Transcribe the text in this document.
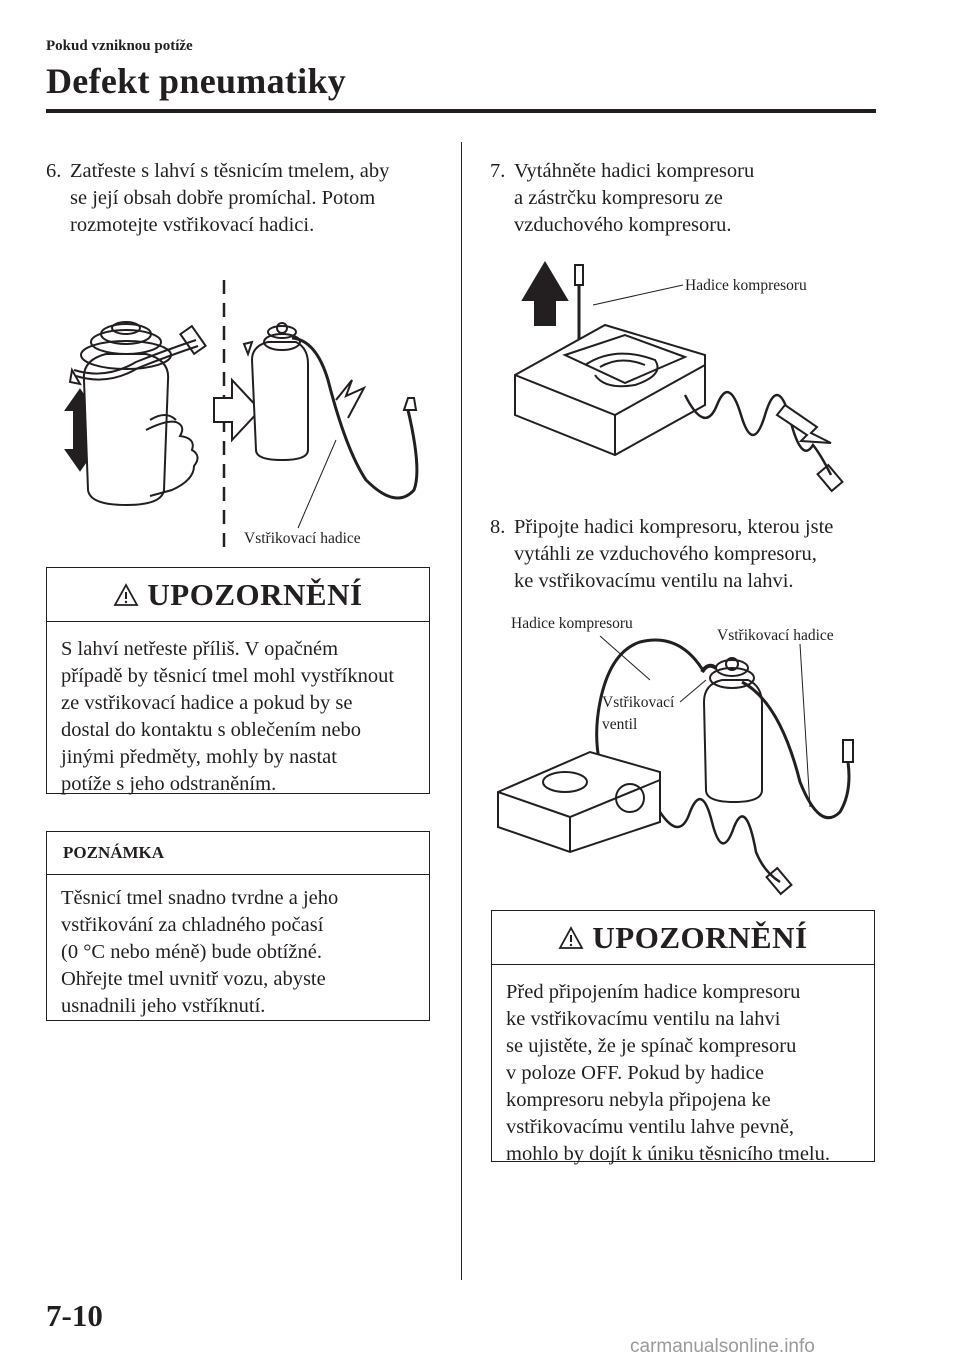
Pokud vzniknou potíže
Defekt pneumatiky
6. Zatřeste s lahví s těsnicím tmelem, aby
se její obsah dobře promíchal. Potom
rozmotejte vstřikovací hadici.
Vstřikovací hadice
UPOZORNĚNÍ
S lahví netřeste příliš. V opačném
případě by těsnicí tmel mohl vystříknout
ze vstřikovací hadice a pokud by se
dostal do kontaktu s oblečením nebo
jinými předměty, mohly by nastat
potíže s jeho odstraněním.
POZNÁMKA
Těsnicí tmel snadno tvrdne a jeho
vstřikování za chladného počasí
(0 °C nebo méně) bude obtížné.
Ohřejte tmel uvnitř vozu, abyste
usnadnili jeho vstříknutí.
7. Vytáhněte hadici kompresoru
a zástrčku kompresoru ze
vzduchového kompresoru.
Hadice kompresoru
8. Připojte hadici kompresoru, kterou jste
vytáhli ze vzduchového kompresoru,
ke vstřikovacímu ventilu na lahvi.
Hadice kompresoru
Vstřikovací hadice
Vstřikovací
ventil
UPOZORNĚNÍ
Před připojením hadice kompresoru
ke vstřikovacímu ventilu na lahvi
se ujistěte, že je spínač kompresoru
v poloze OFF. Pokud by hadice
kompresoru nebyla připojena ke
vstřikovacímu ventilu lahve pevně,
mohlo by dojít k úniku těsnicího tmelu.
7-10
carmanualsonline.info
